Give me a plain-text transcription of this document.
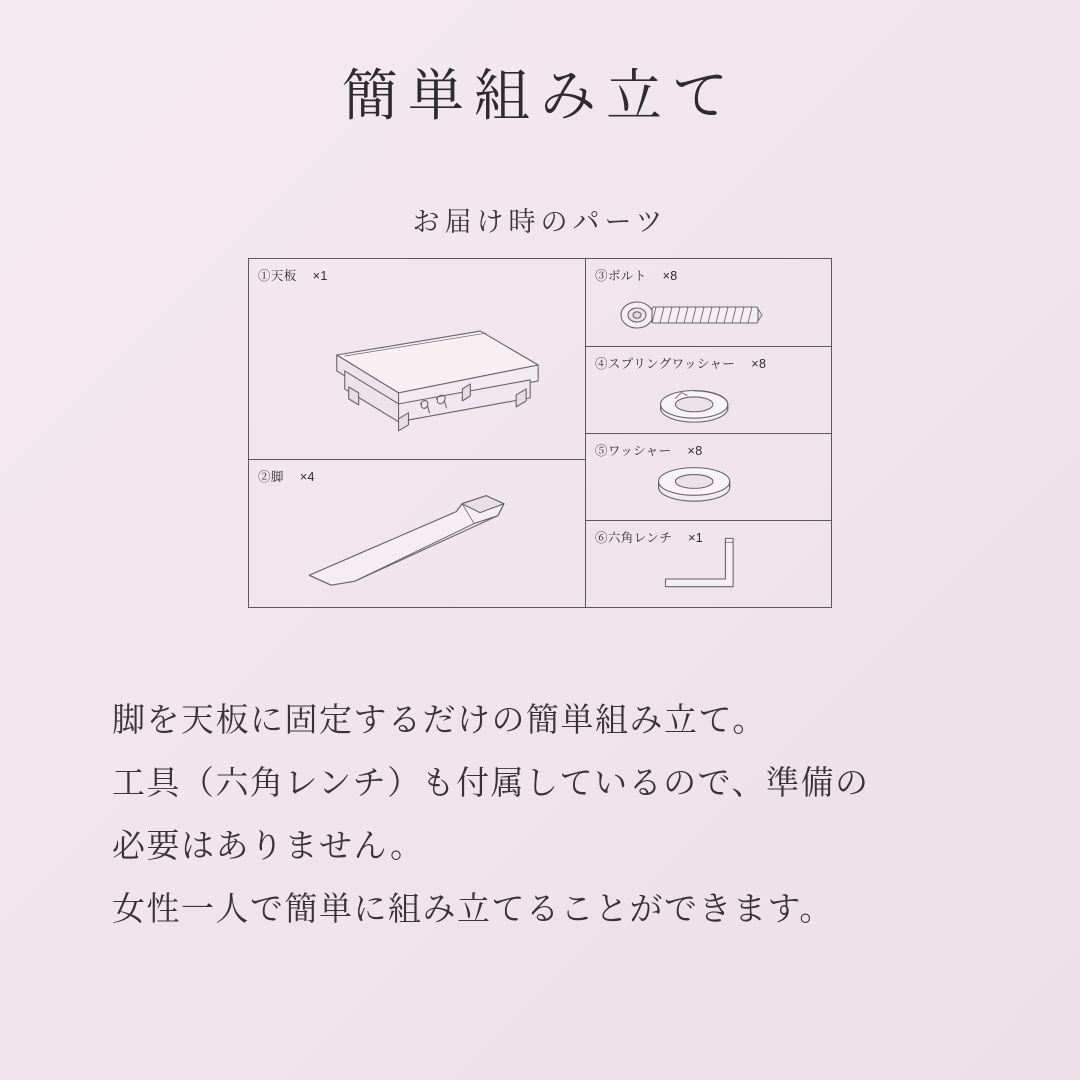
簡単組み立て
お届け時のパーツ
①天板 ×1
②脚 ×4
③ボルト ×8
④スプリングワッシャー ×8
⑤ワッシャー ×8
⑥六角レンチ ×1

脚を天板に固定するだけの簡単組み立て。

工具（六角レンチ）も付属しているので、準備の

必要はありません。

女性一人で簡単に組み立てることができます。
